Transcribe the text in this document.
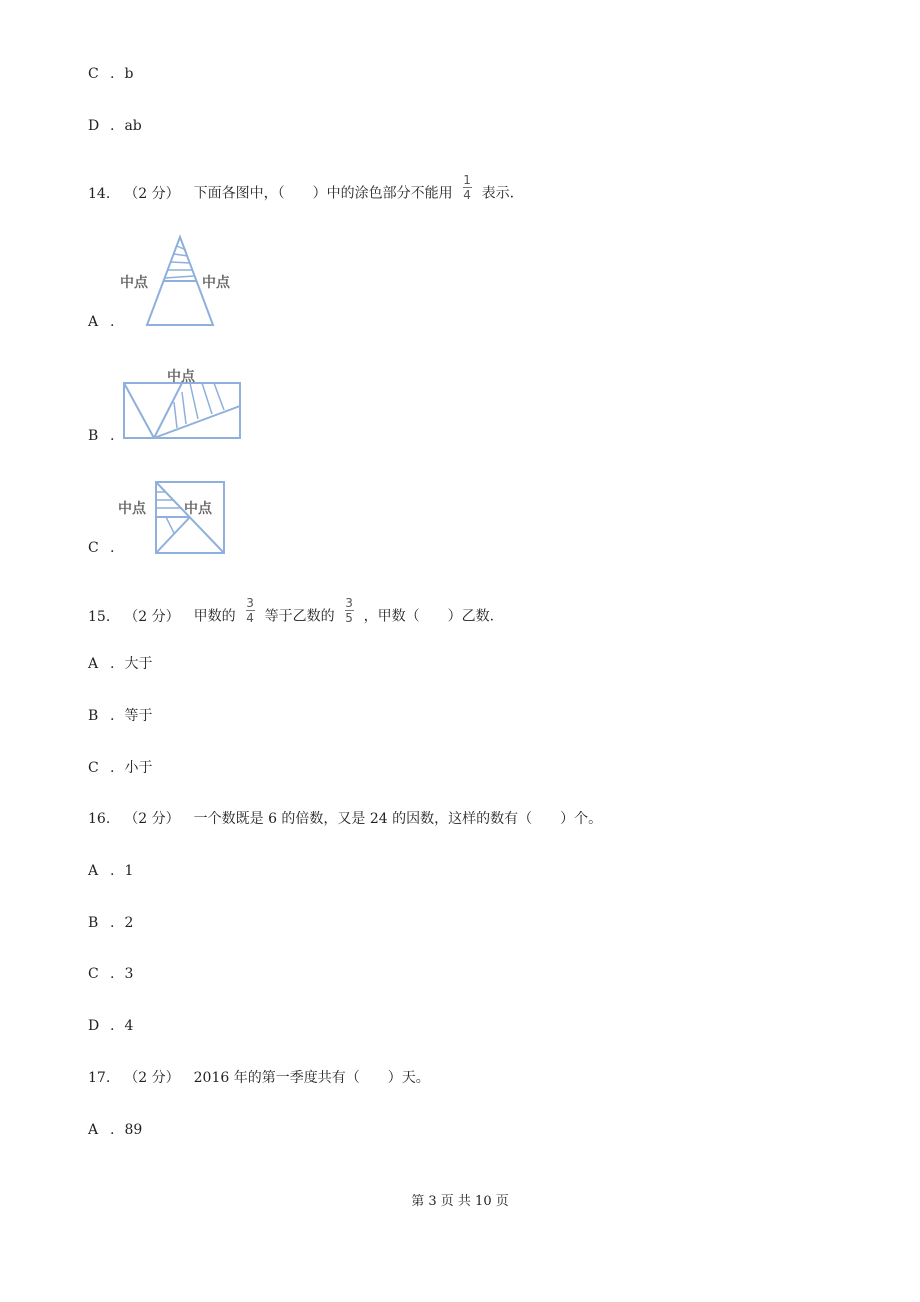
C . b
D . ab
14. （2 分） 下面各图中，（　　）中的涂色部分不能用 $\frac{1}{4}$ 表示.
A .
中点	中点
B .
中点
C .
中点	中点
15. （2 分） 甲数的 $\frac{3}{4}$ 等于乙数的 $\frac{3}{5}$ ，甲数（　　）乙数.
A . 大于
B . 等于
C . 小于
16. （2 分） 一个数既是 6 的倍数，又是 24 的因数，这样的数有（　　）个。
A . 1
B . 2
C . 3
D . 4
17. （2 分） 2016 年的第一季度共有（　　）天。
A . 89
第 3 页 共 10 页
